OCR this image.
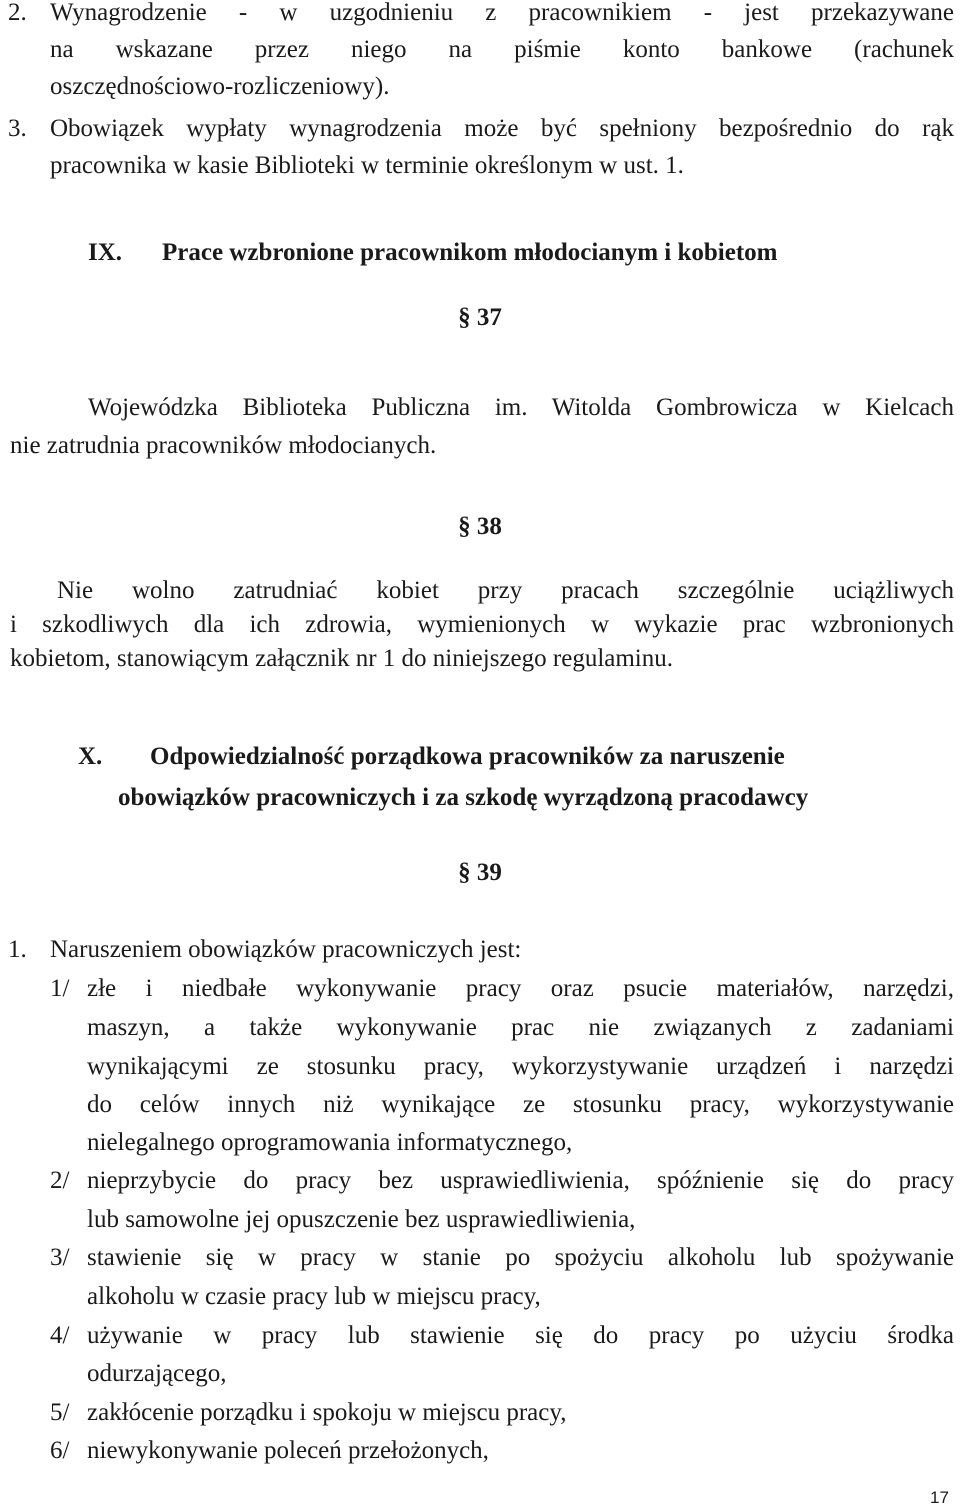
2. Wynagrodzenie - w uzgodnieniu z pracownikiem - jest przekazywane
na wskazane przez niego na piśmie konto bankowe (rachunek
oszczędnościowo-rozliczeniowy).
3. Obowiązek wypłaty wynagrodzenia może być spełniony bezpośrednio do rąk
pracownika w kasie Biblioteki w terminie określonym w ust. 1.
IX. Prace wzbronione pracownikom młodocianym i kobietom
§ 37
Wojewódzka Biblioteka Publiczna im. Witolda Gombrowicza w Kielcach
nie zatrudnia pracowników młodocianych.
§ 38
Nie wolno zatrudniać kobiet przy pracach szczególnie uciążliwych
i szkodliwych dla ich zdrowia, wymienionych w wykazie prac wzbronionych
kobietom, stanowiącym załącznik nr 1 do niniejszego regulaminu.
X. Odpowiedzialność porządkowa pracowników za naruszenie
obowiązków pracowniczych i za szkodę wyrządzoną pracodawcy
§ 39
1. Naruszeniem obowiązków pracowniczych jest:
1/ złe i niedbałe wykonywanie pracy oraz psucie materiałów, narzędzi,
maszyn, a także wykonywanie prac nie związanych z zadaniami
wynikającymi ze stosunku pracy, wykorzystywanie urządzeń i narzędzi
do celów innych niż wynikające ze stosunku pracy, wykorzystywanie
nielegalnego oprogramowania informatycznego,
2/ nieprzybycie do pracy bez usprawiedliwienia, spóźnienie się do pracy
lub samowolne jej opuszczenie bez usprawiedliwienia,
3/ stawienie się w pracy w stanie po spożyciu alkoholu lub spożywanie
alkoholu w czasie pracy lub w miejscu pracy,
4/ używanie w pracy lub stawienie się do pracy po użyciu środka
odurzającego,
5/ zakłócenie porządku i spokoju w miejscu pracy,
6/ niewykonywanie poleceń przełożonych,
17
